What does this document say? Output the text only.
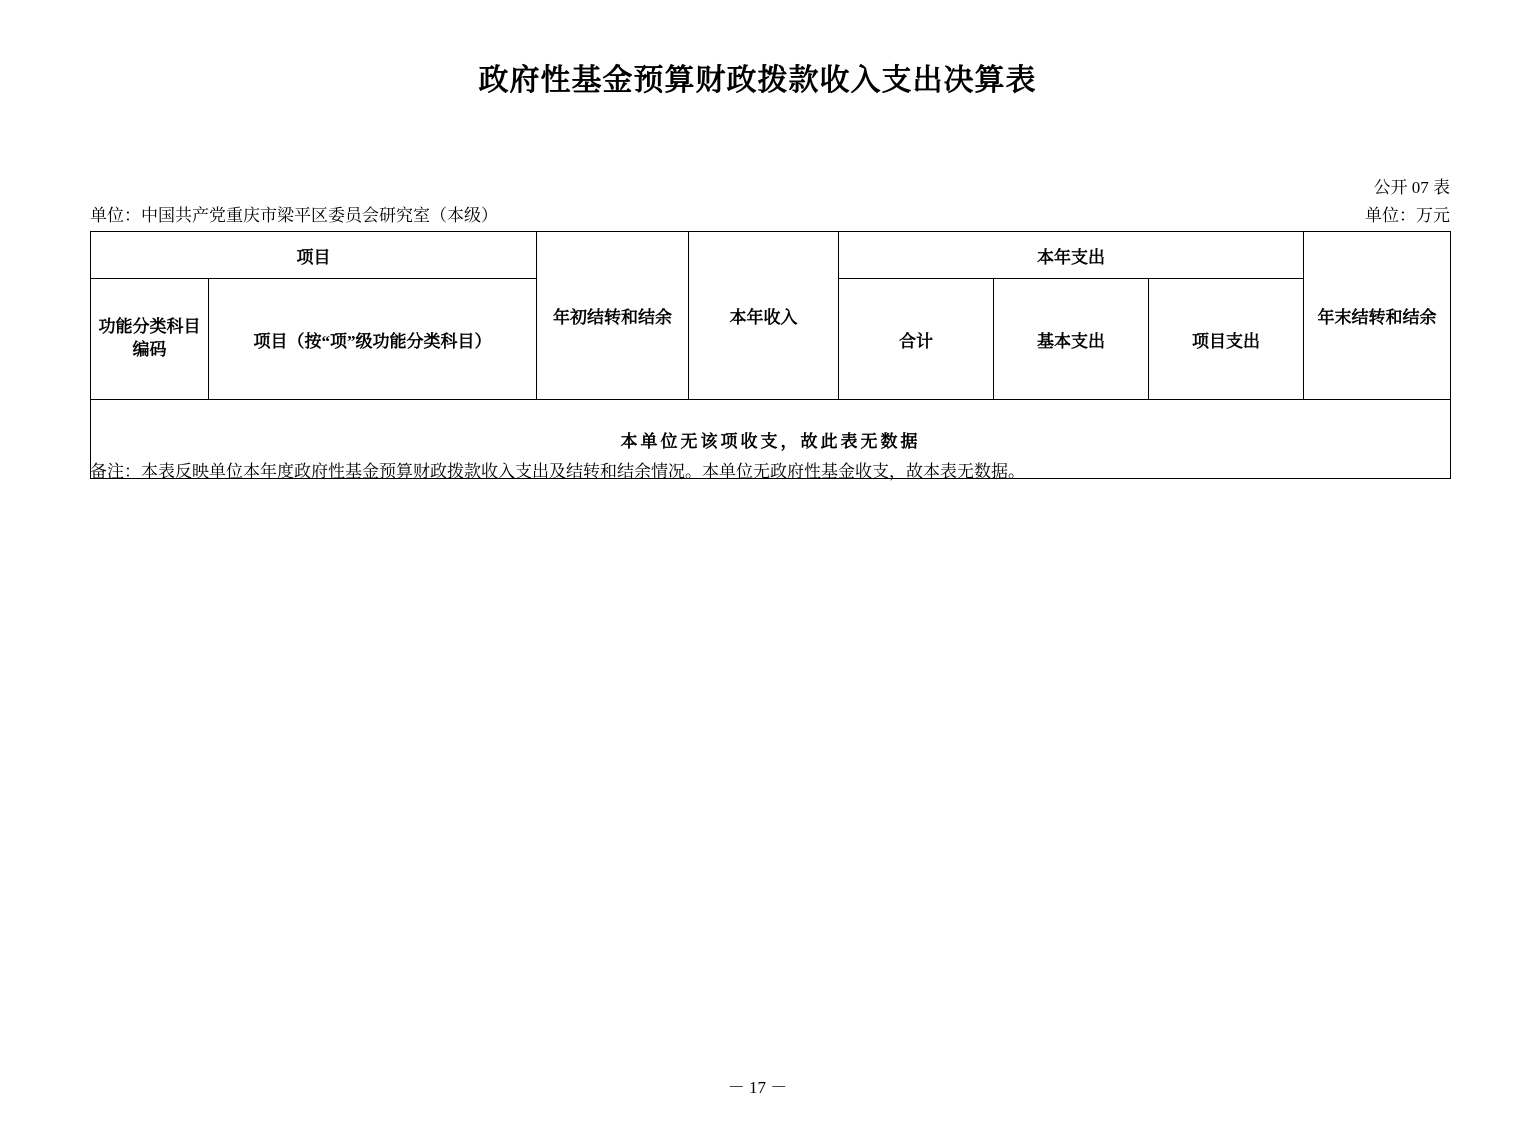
政府性基金预算财政拨款收入支出决算表
公开 07 表
单位：中国共产党重庆市梁平区委员会研究室（本级）	单位：万元
项目		年初结转和结余	本年收入	本年支出			年末结转和结余

功能分类科目
编码	项目（按“项”级功能分类科目）			合计	基本支出	项目支出	
本单位无该项收支，故此表无数据							
备注：本表反映单位本年度政府性基金预算财政拨款收入支出及结转和结余情况。本单位无政府性基金收支，故本表无数据。
－ 17 －
